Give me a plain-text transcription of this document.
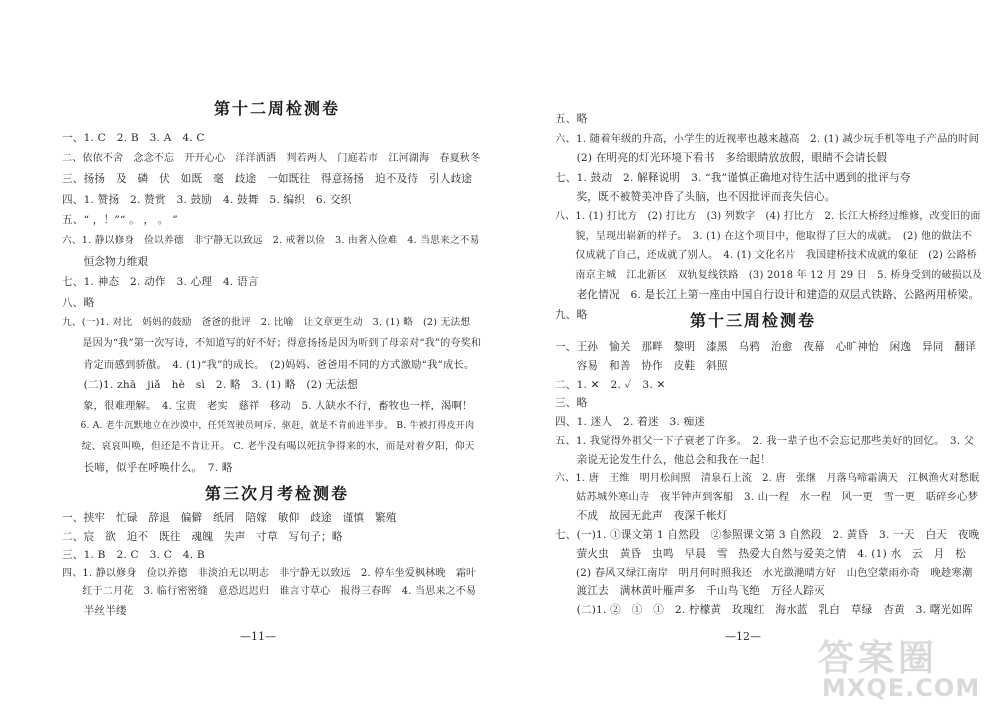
第十二周检测卷
一、1. C　2. B　3. A　4. C
二、依依不舍　念念不忘　开开心心　洋洋洒洒　判若两人　门庭若市　江河湖海　春夏秋冬
三、扬扬　及　磷　伏　如既　毫　歧途　一如既往　得意扬扬　迫不及待　引人歧途
四、1. 赞扬　2. 赞赏　3. 鼓励　4. 鼓舞　5. 编织　6. 交织
五、“ ，！”“ 。 ， 。 ”
六、1. 静以修身　俭以养德　非宁静无以致远　2. 戒奢以俭　3. 由奢入俭难　4. 当思来之不易
　　恒念物力维艰
七、1. 神态　2. 动作　3. 心理　4. 语言
八、略
九、(一)1. 对比　妈妈的鼓励　爸爸的批评　2. 比喻　让文章更生动　3. (1) 略　(2) 无法想
　　是因为“我”第一次写诗，不知道写的好不好；得意扬扬是因为听到了母亲对“我”的夸奖和
　　肯定而感到骄傲。　4. (1)“我”的成长。　(2)妈妈、爸爸用不同的方式激励“我”成长。
　　(二)1. zhā　jiǎ　hè　sì　2. 略　3. (1) 略　(2) 无法想
　　象，很难理解。　4. 宝贵　老实　慈祥　移动　5. 人缺水不行，畜牧也一样，渴啊！
　　6. A. 老牛沉默地立在沙漠中，任凭驾驶员呵斥、驱赶，就是不肯前进半步。 B. 牛被打得皮开肉
　　绽、哀哀叫唤，但还是不肯让开。 C. 老牛没有喝以死抗争得来的水，而是对着夕阳，仰天
　　长啼，似乎在呼唤什么。　7. 略
第三次月考检测卷
一、挟牢　忙碌　辞退　偏僻　纸屑　陪嫁　敏仰　歧途　谨慎　繁殖
二、宸　欲　迫不　既往　魂魄　失声　寸草　写句子；略
三、1. B　2. C　3. C　4. B
四、1. 静以修身　俭以养德　非淡泊无以明志　非宁静无以致远　2. 停车坐爱枫林晚　霜叶
　　红于二月花　3. 临行密密缝　意恐迟迟归　谁言寸草心　报得三春晖　4. 当思来之不易
　　半丝半缕
—11—
五、略
六、1. 随着年级的升高，小学生的近视率也越来越高　2. (1) 减少玩手机等电子产品的时间
　　(2) 在明亮的灯光环境下看书　多给眼睛放放假，眼睛不会请长假
七、1. 鼓动　2. 解释说明　3. “我”谨慎正确地对待生活中遇到的批评与夸
　　奖，既不被赞美冲昏了头脑，也不因批评而丧失信心。
八、1. (1) 打比方　(2) 打比方　(3) 列数字　(4) 打比方　2. 长江大桥经过维修，改变旧的面
　　貌，呈现出崭新的样子。　3. (1) 在这个项目中，他取得了巨大的成就。　(2) 他的做法不
　　仅成就了自己，还成就了别人。　4. (1) 文化名片　我国建桥技术成就的象征　(2) 公路桥
　　南京主城　江北新区　双轨复线铁路　(3) 2018 年 12 月 29 日　5. 桥身受到的破损以及
　　老化情况　6. 是长江上第一座由中国自行设计和建造的双层式铁路、公路两用桥梁。
九、略	第十三周检测卷
一、王孙　愉关　那畔　黎明　漆黑　乌鸦　治愈　夜幕　心旷神怡　闲逸　异同　翻译
　　容易　和善　协作　皮鞋　斜照
二、1. ✕　2. ✓　3. ✕
三、略
四、1. 迷人　2. 着迷　3. 痴迷
五、1. 我觉得外祖父一下子衰老了许多。　2. 我一辈子也不会忘记那些美好的回忆。　3. 父
　　亲说无论发生什么，他总会和我在一起！
六、1. 唐　王维　明月松间照　清泉石上流　2. 唐　张继　月落乌啼霜满天　江枫渔火对愁眠
　　姑苏城外寒山寺　夜半钟声到客船　3. 山一程　水一程　风一更　雪一更　聒碎乡心梦
　　不成　故园无此声　夜深千帐灯
七、(一)1. ①课文第 1 自然段　②参照课文第 3 自然段　2. 黄昏　3. 一天　白天　夜晚
　　萤火虫　黄昏　虫鸣　早晨　雪　热爱大自然与爱美之情　4. (1) 水　云　月　松
　　(2) 春风又绿江南岸　明月何时照我还　水光潋滟晴方好　山色空蒙雨亦奇　晚趁寒潮
　　渡江去　满林黄叶雁声多　千山鸟飞绝　万径人踪灭
　　(二)1. ②　①　①　2. 柠檬黄　玫瑰红　海水蓝　乳白　草绿　杏黄　3. 曙光如晖
—12—
答案圈
MXQE.COM
